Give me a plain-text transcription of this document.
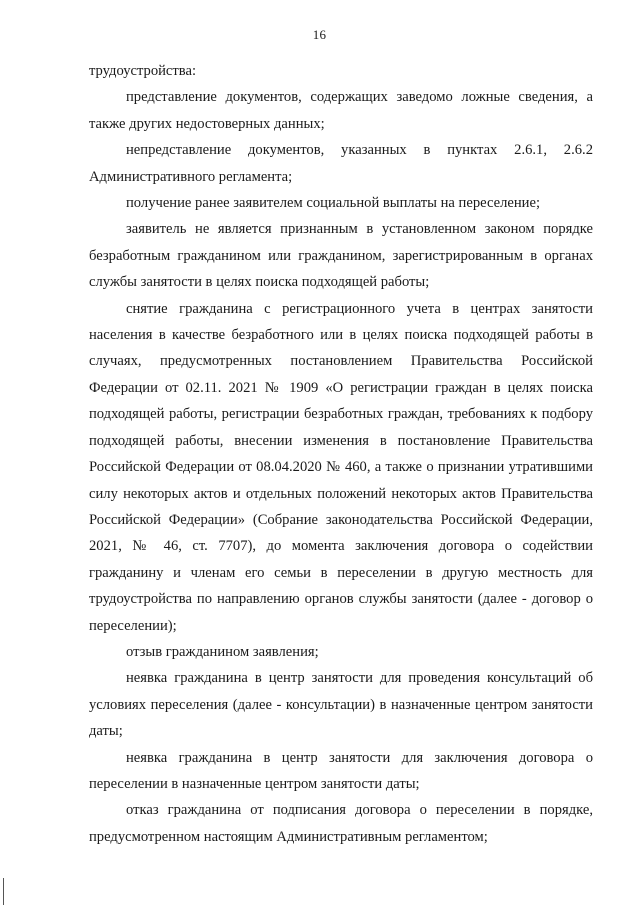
16

трудоустройства:

представление документов, содержащих заведомо ложные сведения, а также других недостоверных данных;

непредставление документов, указанных в пунктах 2.6.1, 2.6.2 Административного регламента;

получение ранее заявителем социальной выплаты на переселение;

заявитель не является признанным в установленном законом порядке безработным гражданином или гражданином, зарегистрированным в органах службы занятости в целях поиска подходящей работы;

снятие гражданина с регистрационного учета в центрах занятости населения в качестве безработного или в целях поиска подходящей работы в случаях, предусмотренных постановлением Правительства Российской Федерации от 02.11. 2021 № 1909 «О регистрации граждан в целях поиска подходящей работы, регистрации безработных граждан, требованиях к подбору подходящей работы, внесении изменения в постановление Правительства Российской Федерации от 08.04.2020 № 460, а также о признании утратившими силу некоторых актов и отдельных положений некоторых актов Правительства Российской Федерации» (Собрание законодательства Российской Федерации, 2021, № 46, ст. 7707), до момента заключения договора о содействии гражданину и членам его семьи в переселении в другую местность для трудоустройства по направлению органов службы занятости (далее - договор о переселении);

отзыв гражданином заявления;

неявка гражданина в центр занятости для проведения консультаций об условиях переселения (далее - консультации) в назначенные центром занятости даты;

неявка гражданина в центр занятости для заключения договора о переселении в назначенные центром занятости даты;

отказ гражданина от подписания договора о переселении в порядке, предусмотренном настоящим Административным регламентом;
